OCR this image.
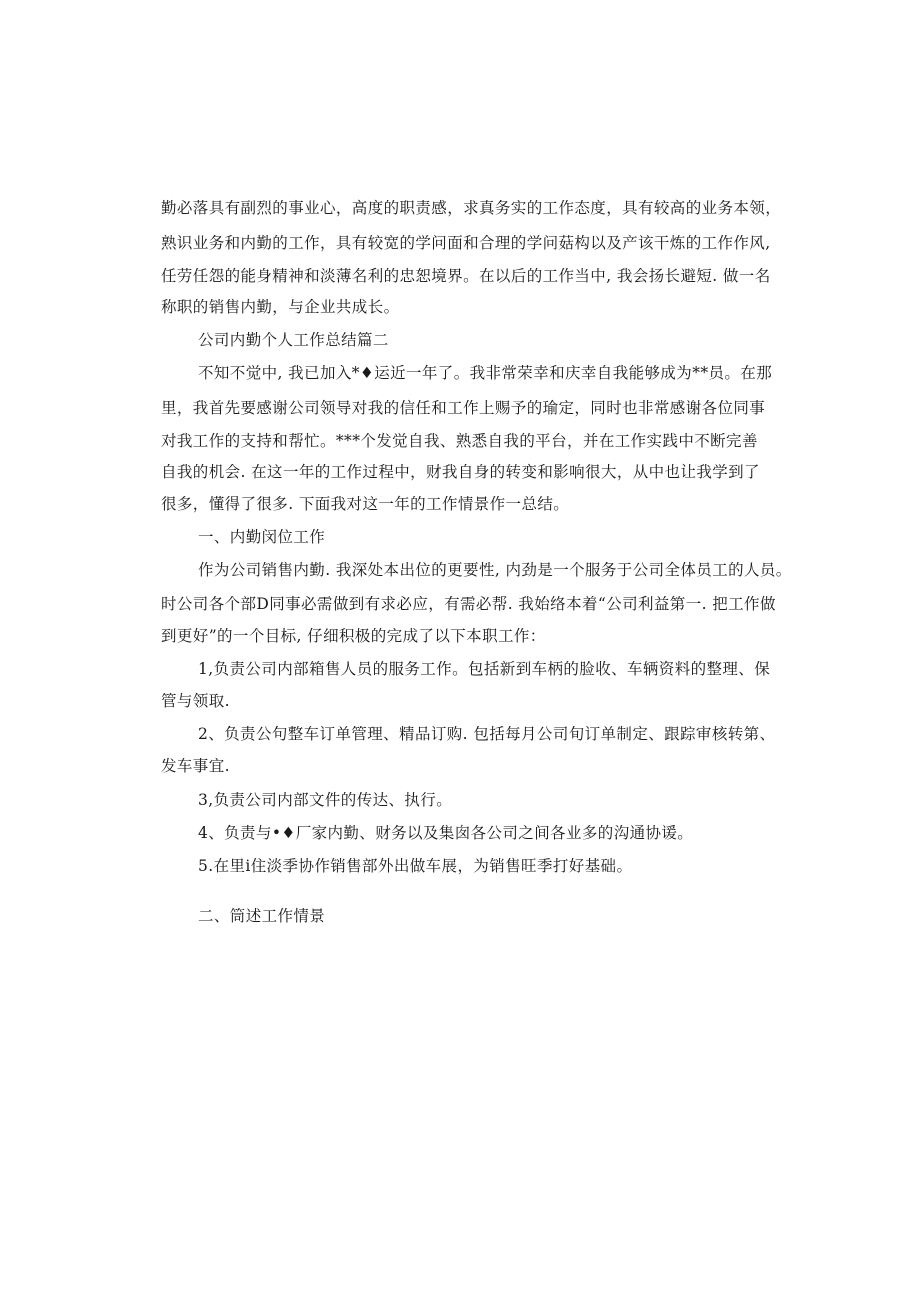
勤必落具有副烈的事业心，高度的职责感，求真务实的工作态度，具有较高的业务本领，
熟识业务和内勤的工作，具有较宽的学问面和合理的学问菇构以及产该干炼的工作作风,
任劳任怨的能身精神和淡薄名利的忠恕境界。在以后的工作当中, 我会扬长避短. 做一名
称职的销售内勤，与企业共成长。
公司内勤个人工作总结篇二
不知不觉中, 我已加入*♦运近一年了。我非常荣幸和庆幸自我能够成为**员。在那
里，我首先要感谢公司领导对我的信任和工作上赐予的瑜定，同时也非常感谢各位同事
对我工作的支持和帮忙。***个发觉自我、熟悉自我的平台，并在工作实践中不断完善
自我的机会. 在这一年的工作过程中，财我自身的转变和影响很大，从中也让我学到了
很多，懂得了很多. 下面我对这一年的工作情景作一总结。
一、内勤闵位工作
作为公司销售内勤. 我深处本出位的更要性, 内劲是一个服务于公司全体员工的人员。
时公司各个部D同事必需做到有求必应，有需必帮. 我始络本着“公司利益第一. 把工作做
到更好”的一个目标, 仔细积极的完成了以下本职工作：
1,负责公司内部箱售人员的服务工作。包括新到车柄的脸收、车辆资料的整理、保
管与领取.
2、负责公句整车订单管理、精品订购. 包括每月公司旬订单制定、跟踪审核转第、
发车事宜.
3,负责公司内部文件的传达、执行。
4、负责与•♦厂家内勤、财务以及集囱各公司之间各业多的沟通协谖。
5.在里i住淡季协作销售部外出做车展，为销售旺季打好基础。
二、筒述工作情景
